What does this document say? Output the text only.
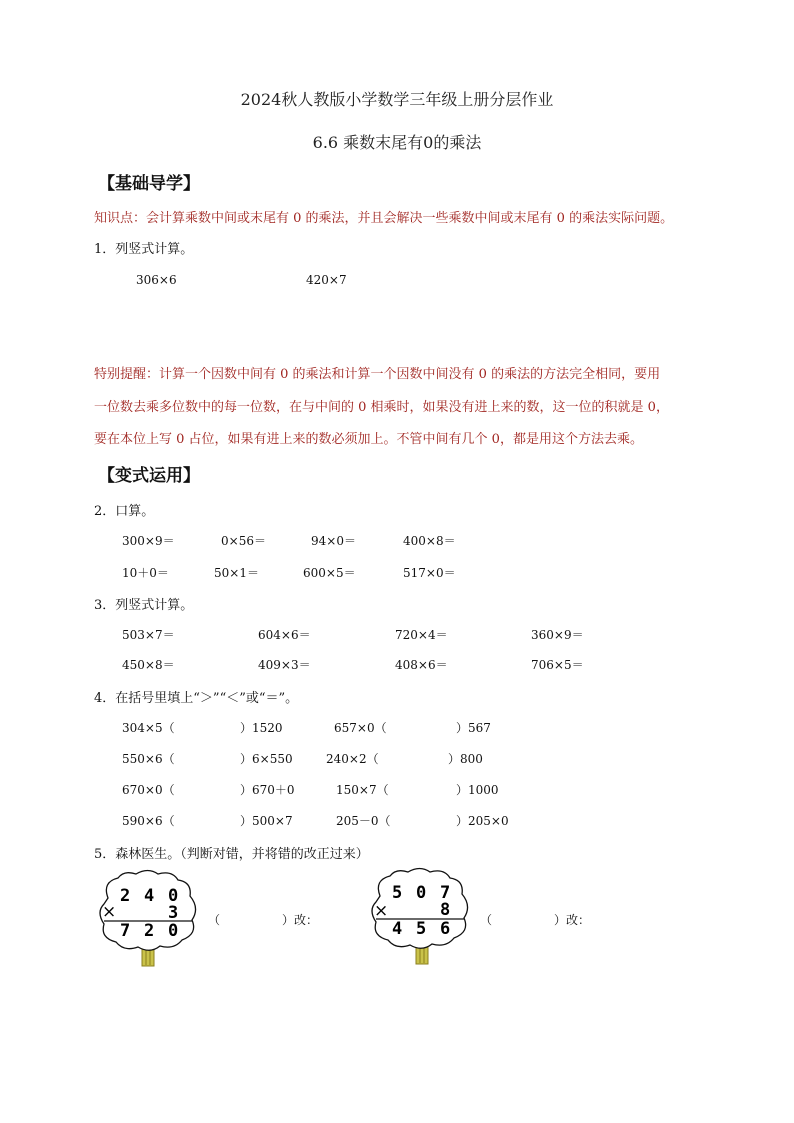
2024秋人教版小学数学三年级上册分层作业
6.6 乘数末尾有0的乘法
【基础导学】
知识点：会计算乘数中间或末尾有 0 的乘法，并且会解决一些乘数中间或末尾有 0 的乘法实际问题。
1．列竖式计算。
306×6	420×7
特别提醒：计算一个因数中间有 0 的乘法和计算一个因数中间没有 0 的乘法的方法完全相同，要用
一位数去乘多位数中的每一位数，在与中间的 0 相乘时，如果没有进上来的数，这一位的积就是 0，
要在本位上写 0 占位，如果有进上来的数必须加上。不管中间有几个 0，都是用这个方法去乘。
【变式运用】
2．口算。
300×9＝	0×56＝	94×0＝	400×8＝
10＋0＝	50×1＝	600×5＝	517×0＝
3．列竖式计算。
503×7＝	604×6＝	720×4＝	360×9＝
450×8＝	409×3＝	408×6＝	706×5＝
4．在括号里填上“＞”“＜”或“＝”。
304×5（	）1520	657×0（	）567
550×6（	）6×550	240×2（	）800
670×0（	）670＋0	150×7（	）1000
590×6（	）500×7	205－0（	）205×0
5．森林医生。（判断对错，并将错的改正过来）
2 4 0
×	3
7 2 0
（	）改：
5 0 7
×	8
4 5 6 （	）改：
